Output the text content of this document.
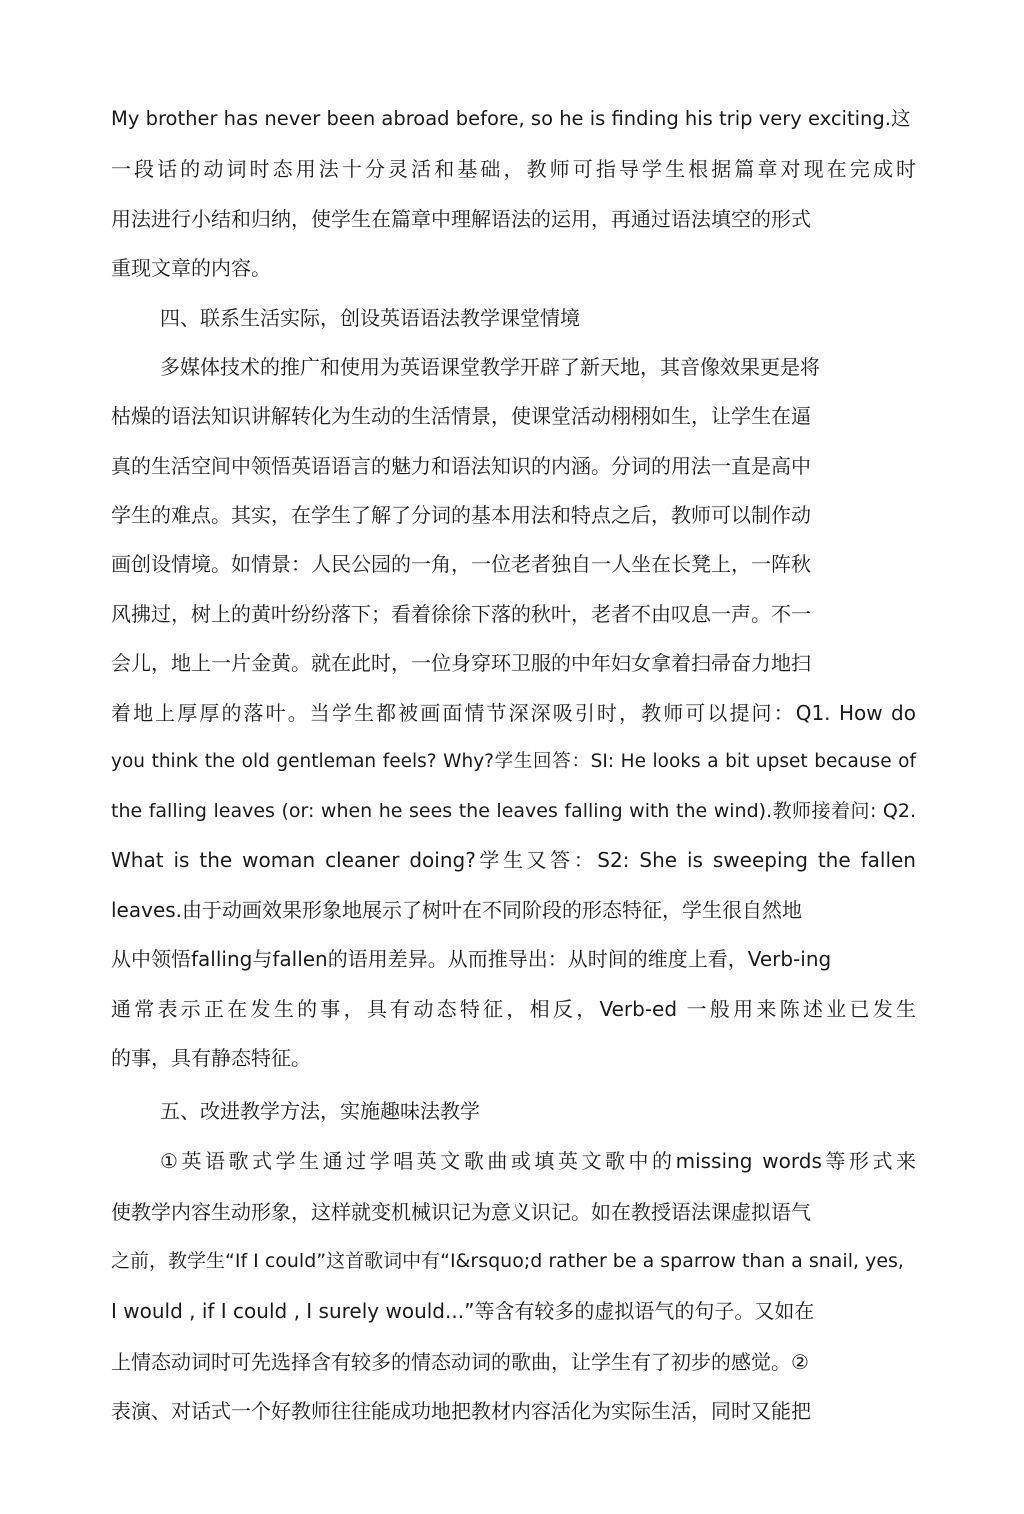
My brother has never been abroad before, so he is finding his trip very exciting.这
一段话的动词时态用法十分灵活和基础，教师可指导学生根据篇章对现在完成时
用法进行小结和归纳，使学生在篇章中理解语法的运用，再通过语法填空的形式
重现文章的内容。
四、联系生活实际，创设英语语法教学课堂情境
多媒体技术的推广和使用为英语课堂教学开辟了新天地，其音像效果更是将
枯燥的语法知识讲解转化为生动的生活情景，使课堂活动栩栩如生，让学生在逼
真的生活空间中领悟英语语言的魅力和语法知识的内涵。分词的用法一直是高中
学生的难点。其实，在学生了解了分词的基本用法和特点之后，教师可以制作动
画创设情境。如情景：人民公园的一角，一位老者独自一人坐在长凳上，一阵秋
风拂过，树上的黄叶纷纷落下；看着徐徐下落的秋叶，老者不由叹息一声。不一
会儿，地上一片金黄。就在此时，一位身穿环卫服的中年妇女拿着扫帚奋力地扫
着地上厚厚的落叶。当学生都被画面情节深深吸引时，教师可以提问：Q1. How do
you think the old gentleman feels? Why?学生回答：SI: He looks a bit upset because of
the falling leaves (or: when he sees the leaves falling with the wind).教师接着问: Q2.
What is the woman cleaner doing?学生又答：S2: She is sweeping the fallen
leaves.由于动画效果形象地展示了树叶在不同阶段的形态特征，学生很自然地
从中领悟falling与fallen的语用差异。从而推导出：从时间的维度上看，Verb-ing
通常表示正在发生的事，具有动态特征，相反，Verb-ed 一般用来陈述业已发生
的事，具有静态特征。
五、改进教学方法，实施趣味法教学
①英语歌式学生通过学唱英文歌曲或填英文歌中的missing words等形式来
使教学内容生动形象，这样就变机械识记为意义识记。如在教授语法课虚拟语气
之前，教学生“If I could”这首歌词中有“I&rsquo;d rather be a sparrow than a snail, yes,
I would , if I could , I surely would...”等含有较多的虚拟语气的句子。又如在
上情态动词时可先选择含有较多的情态动词的歌曲，让学生有了初步的感觉。②
表演、对话式一个好教师往往能成功地把教材内容活化为实际生活，同时又能把
